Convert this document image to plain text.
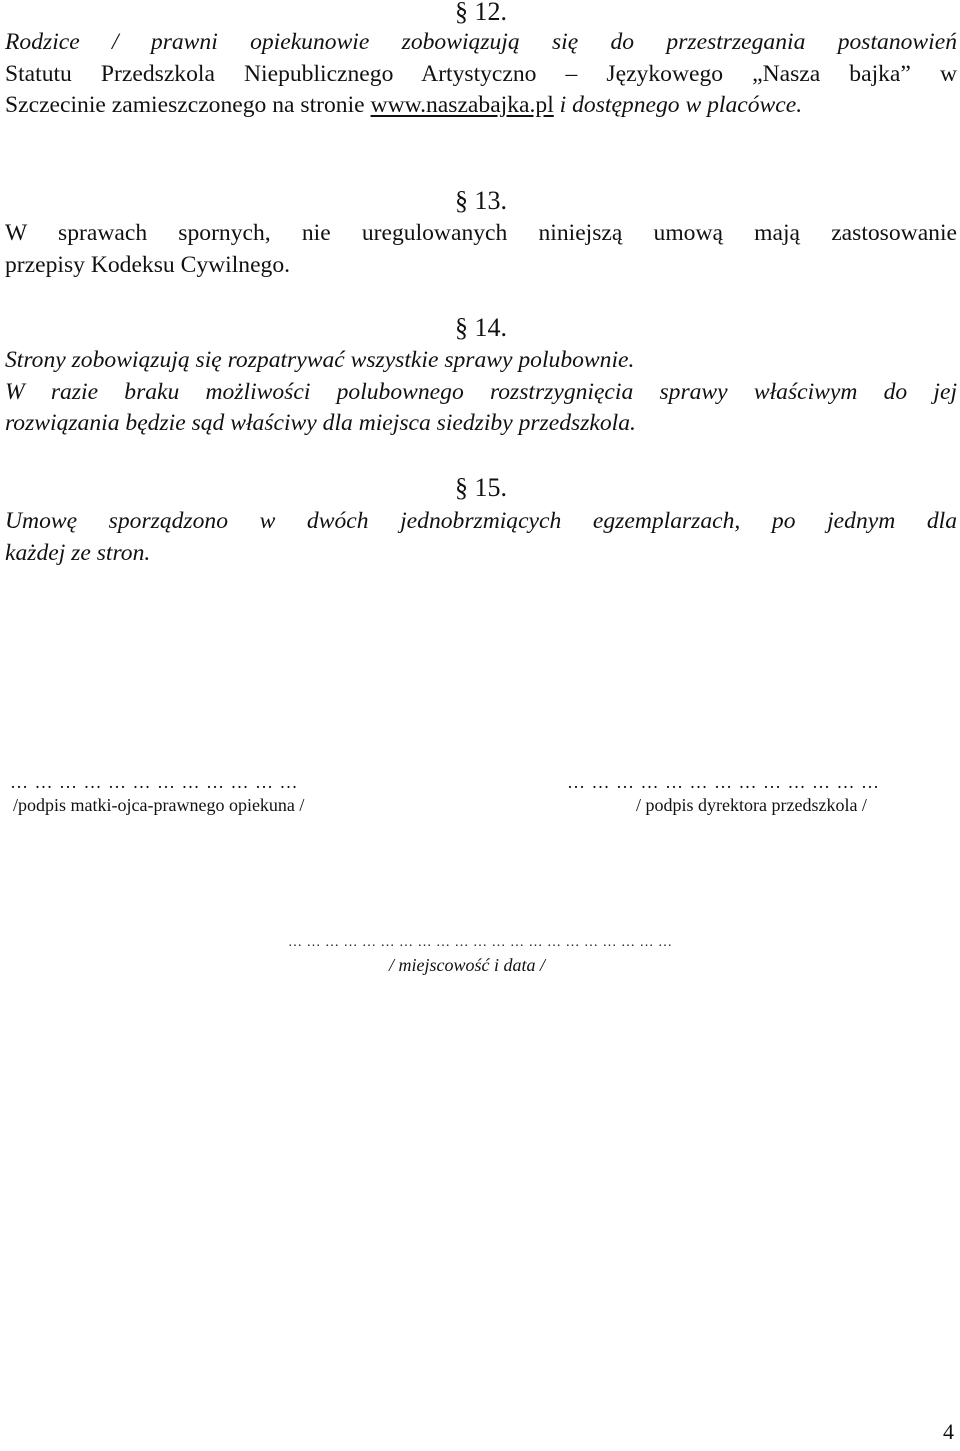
§ 12.
Rodzice / prawni opiekunowie zobowiązują się do przestrzegania postanowień
Statutu Przedszkola Niepublicznego Artystyczno – Językowego „Nasza bajka” w
Szczecinie zamieszczonego na stronie www.naszabajka.pl i dostępnego w placówce.
§ 13.
W sprawach spornych, nie uregulowanych niniejszą umową mają zastosowanie
przepisy Kodeksu Cywilnego.
§ 14.
Strony zobowiązują się rozpatrywać wszystkie sprawy polubownie.
W razie braku możliwości polubownego rozstrzygnięcia sprawy właściwym do jej
rozwiązania będzie sąd właściwy dla miejsca siedziby przedszkola.
§ 15.
Umowę sporządzono w dwóch jednobrzmiących egzemplarzach, po jednym dla
każdej ze stron.
… … … … … … … … … … … …
/podpis matki-ojca-prawnego opiekuna /
… … … … … … … … … … … … …
/ podpis dyrektora przedszkola /
… … … … … … … … … … … … … … … … … … … … …
/ miejscowość i data /
4
